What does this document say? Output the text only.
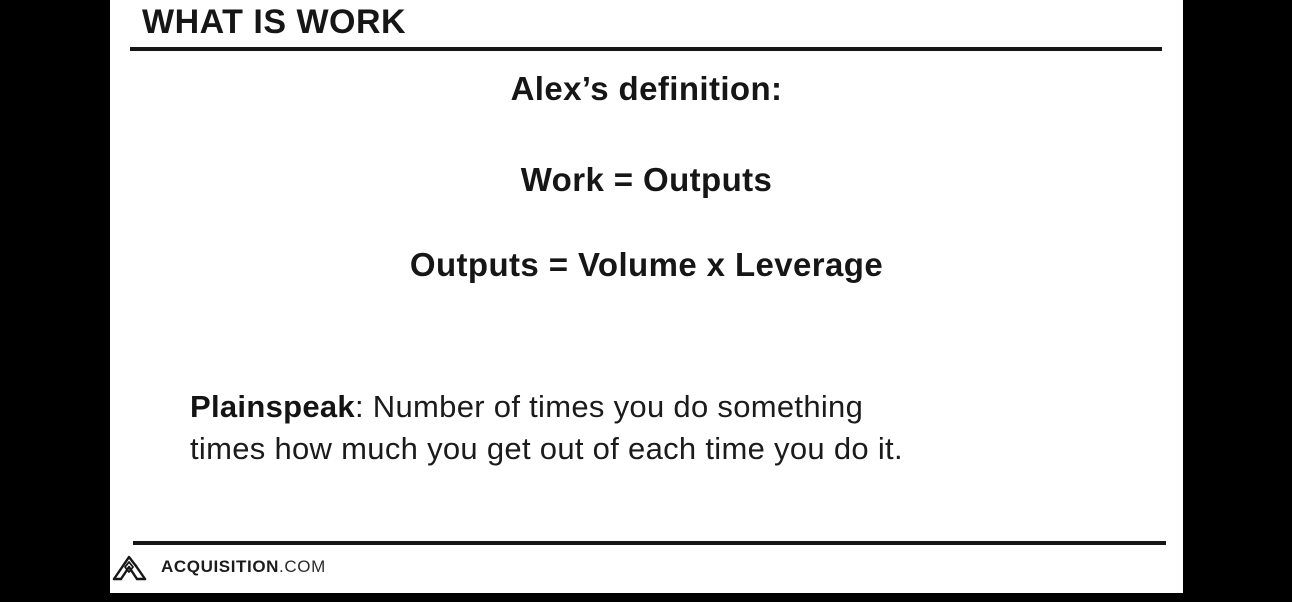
WHAT IS WORK
Alex’s definition:
Work = Outputs
Outputs = Volume x Leverage
Plainspeak: Number of times you do something
times how much you get out of each time you do it.
ACQUISITION.COM
